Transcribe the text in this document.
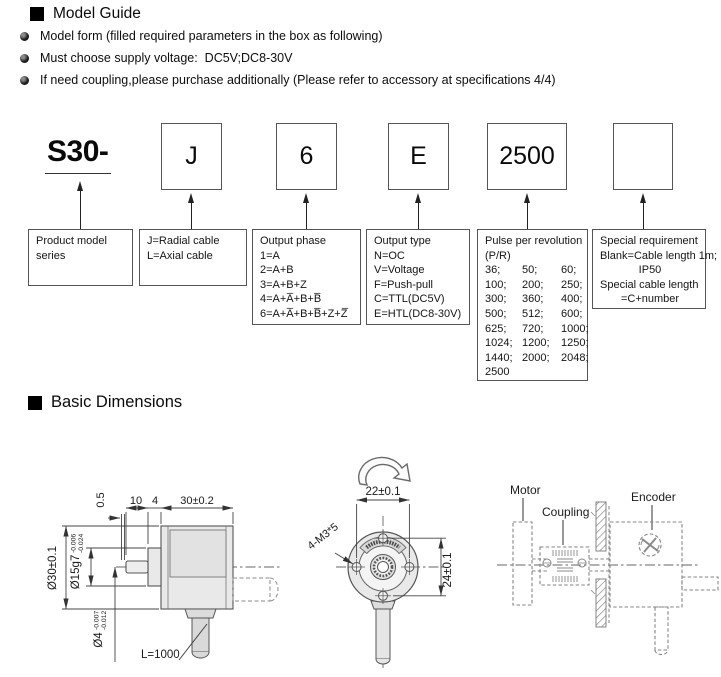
Model Guide
Model form (filled required parameters in the box as following)
Must choose supply voltage:  DC5V;DC8-30V
If need coupling,please purchase additionally (Please refer to accessory at specifications 4/4)
S30-	J	6	E	2500
Product model
series
J=Radial cable
L=Axial cable
Output phase
1=A
2=A+B
3=A+B+Z
4=A+A̅+B+B̅
6=A+A̅+B+B̅+Z+Z̅
Output type
N=OC
V=Voltage
F=Push-pull
C=TTL(DC5V)
E=HTL(DC8-30V)
Pulse per revolution
(P/R)
36;	50;	60;
100;	200;	250;
300;	360;	400;
500;	512;	600;
625;	720;	1000;
1024; 1200;	1250;
1440; 2000;	2048;
2500
Special requirement
Blank=Cable length 1m;
IP50
Special cable length
=C+number
Basic Dimensions
10 4 30±0.2
0.5
Ø30±0.1 Ø15g7
-0.006 -0.024
Ø4
-0.007 -0.012
L=1000
22±0.1
24±0.1
4-M3*5
Motor
Coupling
Encoder
